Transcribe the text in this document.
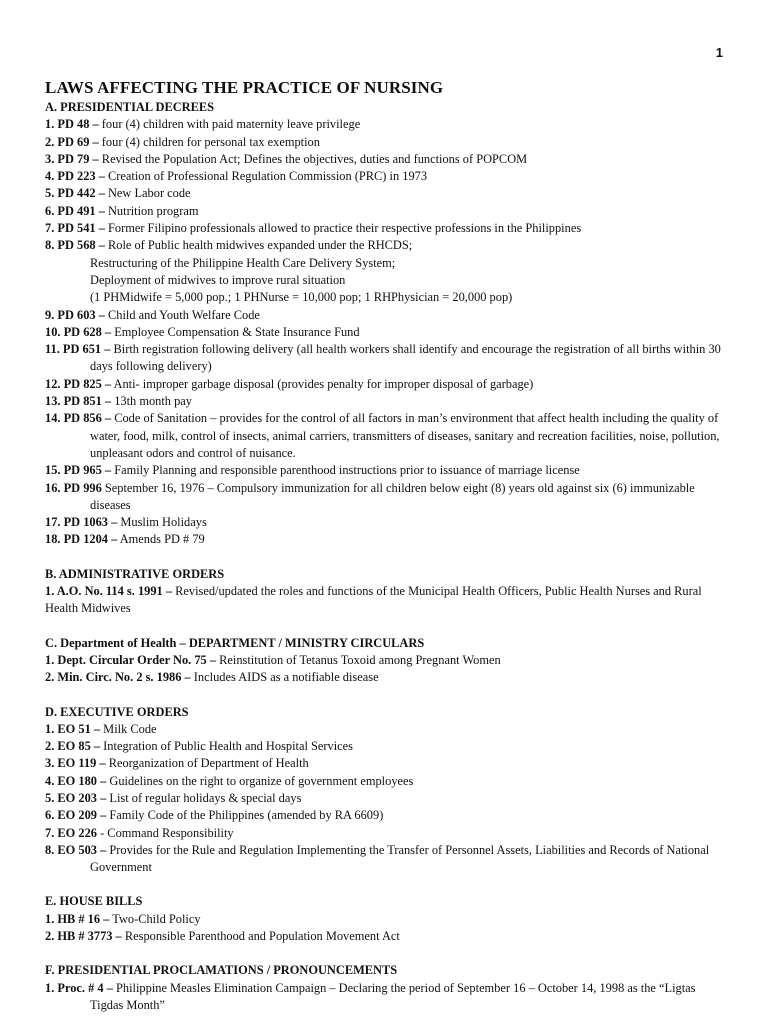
1
LAWS AFFECTING THE PRACTICE OF NURSING

A. PRESIDENTIAL DECREES

1. PD 48 – four (4) children with paid maternity leave privilege

2. PD 69 – four (4) children for personal tax exemption

3. PD 79 – Revised the Population Act; Defines the objectives, duties and functions of POPCOM

4. PD 223 – Creation of Professional Regulation Commission (PRC) in 1973

5. PD 442 – New Labor code

6. PD 491 – Nutrition program

7. PD 541 – Former Filipino professionals allowed to practice their respective professions in the Philippines

8. PD 568 – Role of Public health midwives expanded under the RHCDS;

Restructuring of the Philippine Health Care Delivery System;

Deployment of midwives to improve rural situation

(1 PHMidwife = 5,000 pop.; 1 PHNurse = 10,000 pop; 1 RHPhysician = 20,000 pop)

9. PD 603 – Child and Youth Welfare Code

10. PD 628 – Employee Compensation & State Insurance Fund

11. PD 651 – Birth registration following delivery (all health workers shall identify and encourage the registration of all births within 30 days following delivery)

12. PD 825 – Anti- improper garbage disposal (provides penalty for improper disposal of garbage)

13. PD 851 – 13th month pay

14. PD 856 – Code of Sanitation – provides for the control of all factors in man’s environment that affect health including the quality of water, food, milk, control of insects, animal carriers, transmitters of diseases, sanitary and recreation facilities, noise, pollution, unpleasant odors and control of nuisance.

15. PD 965 – Family Planning and responsible parenthood instructions prior to issuance of marriage license

16. PD 996 September 16, 1976 – Compulsory immunization for all children below eight (8) years old against six (6) immunizable diseases

17. PD 1063 – Muslim Holidays

18. PD 1204 – Amends PD # 79

B. ADMINISTRATIVE ORDERS

1. A.O. No. 114 s. 1991 – Revised/updated the roles and functions of the Municipal Health Officers, Public Health Nurses and Rural Health Midwives

C. Department of Health – DEPARTMENT / MINISTRY CIRCULARS

1. Dept. Circular Order No. 75 – Reinstitution of Tetanus Toxoid among Pregnant Women

2. Min. Circ. No. 2 s. 1986 – Includes AIDS as a notifiable disease

D. EXECUTIVE ORDERS

1. EO 51 – Milk Code

2. EO 85 – Integration of Public Health and Hospital Services

3. EO 119 – Reorganization of Department of Health

4. EO 180 – Guidelines on the right to organize of government employees

5. EO 203 – List of regular holidays & special days

6. EO 209 – Family Code of the Philippines (amended by RA 6609)

7. EO 226 - Command Responsibility

8. EO 503 – Provides for the Rule and Regulation Implementing the Transfer of Personnel Assets, Liabilities and Records of National Government

E. HOUSE BILLS

1. HB # 16 – Two-Child Policy

2. HB # 3773 – Responsible Parenthood and Population Movement Act

F. PRESIDENTIAL PROCLAMATIONS / PRONOUNCEMENTS

1. Proc. # 4 – Philippine Measles Elimination Campaign – Declaring the period of September 16 – October 14, 1998 as the “Ligtas Tigdas Month”
